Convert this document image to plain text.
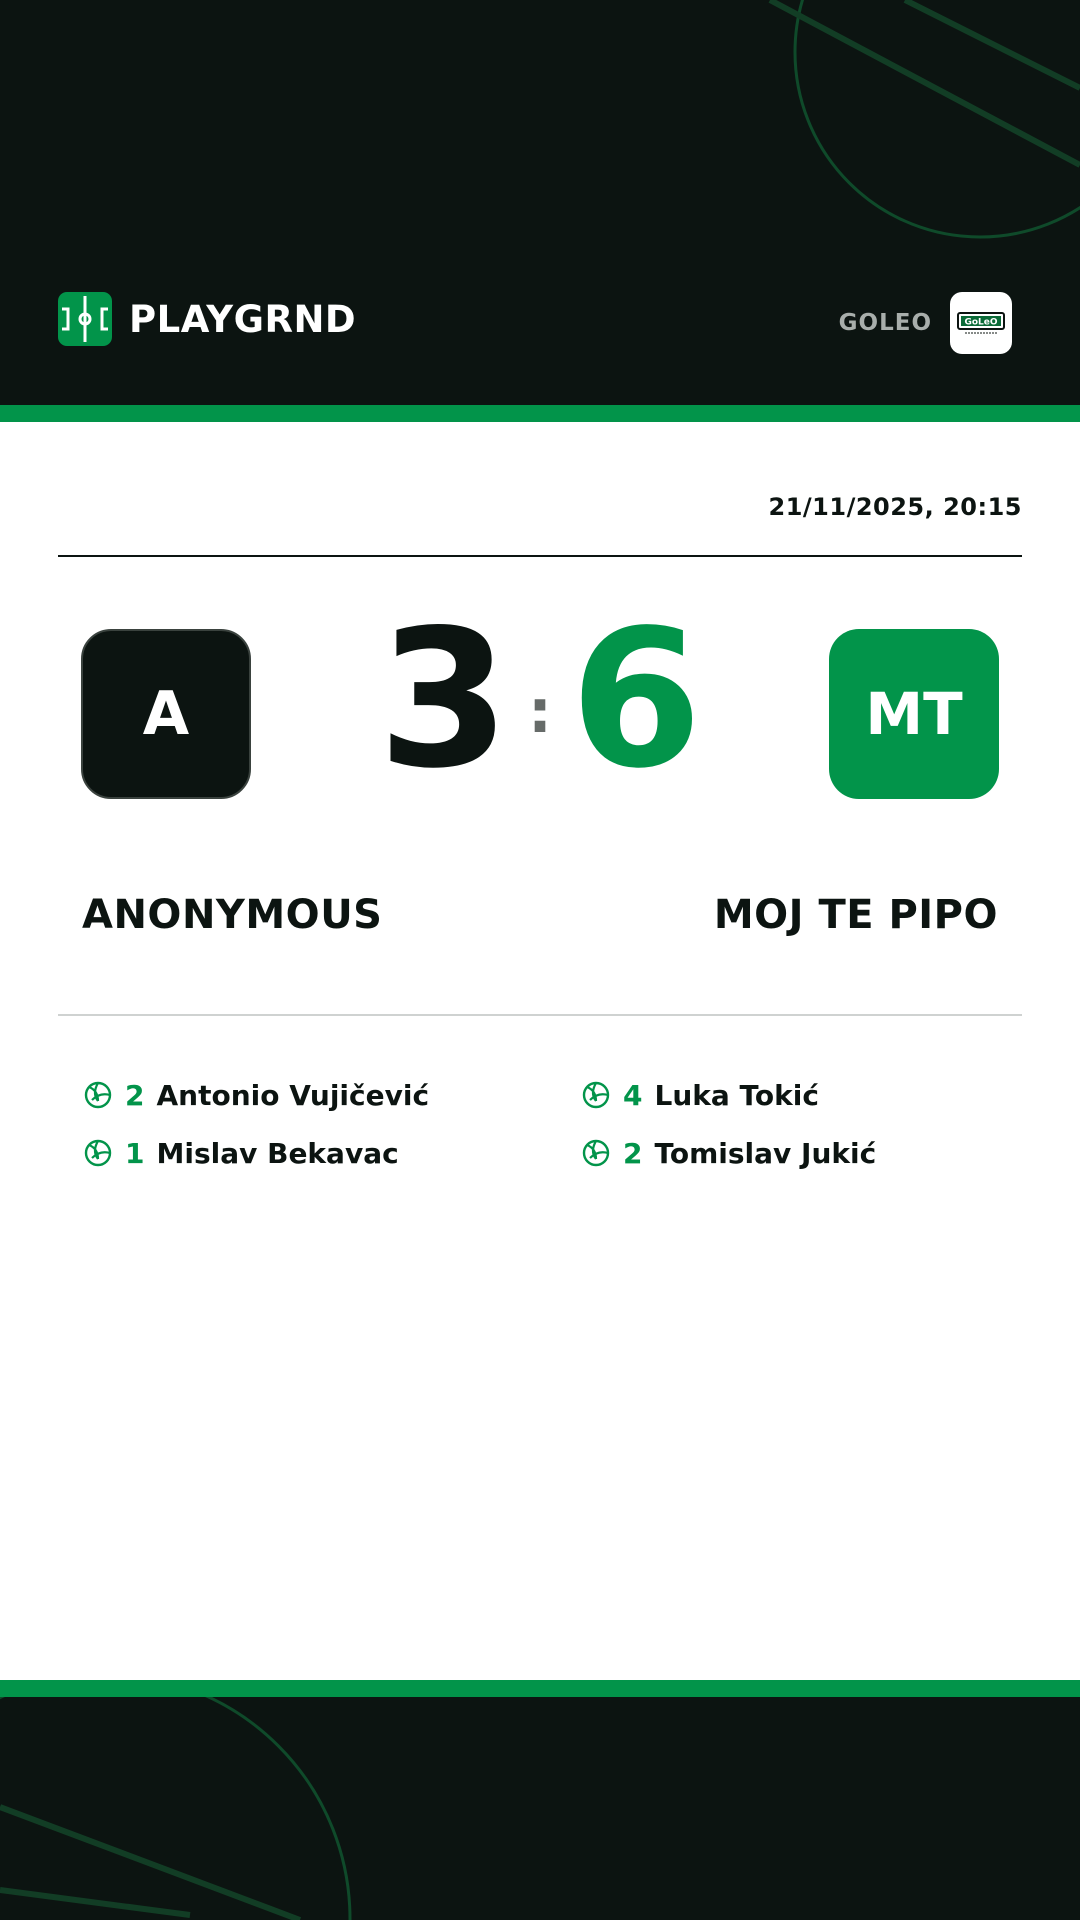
PLAYGRND	GOLEO	GoLeO
21/11/2025, 20:15
A 3 : 6	MT
ANONYMOUS	MOJ TE PIPO
2 Antonio Vujičević
1 Mislav Bekavac
4 Luka Tokić
2 Tomislav Jukić
